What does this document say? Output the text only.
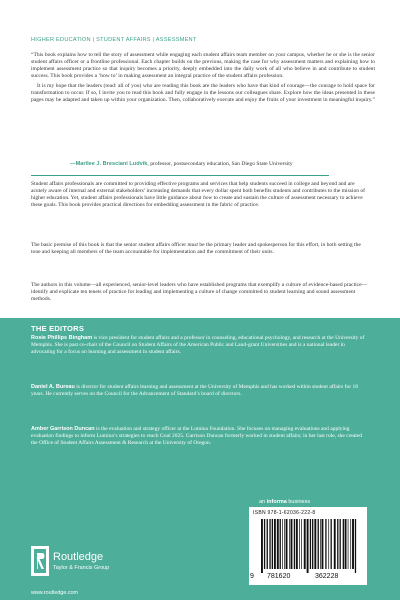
HIGHER EDUCATION | STUDENT AFFAIRS | ASSESSMENT

“This book explains how to tell the story of assessment while engaging each student affairs team member on your campus, whether he or she is the senior student affairs officer or a frontline professional. Each chapter builds on the previous, making the case for why assessment matters and explaining how to implement assessment practice so that inquiry becomes a priority, deeply embedded into the daily work of all who believe in and contribute to student success. This book provides a ‘how to’ in making assessment an integral practice of the student affairs profession.

It is my hope that the leaders (read: all of you) who are reading this book are the leaders who have that kind of courage—the courage to hold space for transformation to occur. If so, I invite you to read this book and fully engage in the lessons our colleagues share. Explore how the ideas presented in these pages may be adapted and taken up within your organization. Then, collaboratively execute and enjoy the fruits of your investment in meaningful inquiry.”

—Marilee J. Bresciani Ludvik, professor, postsecondary education, San Diego State University

Student affairs professionals are committed to providing effective programs and services that help students succeed in college and beyond and are acutely aware of internal and external stakeholders’ increasing demands that every dollar spent both benefits students and contributes to the mission of higher education. Yet, student affairs professionals have little guidance about how to create and sustain the culture of assessment necessary to achieve these goals. This book provides practical directions for embedding assessment in the fabric of practice.

The basic premise of this book is that the senior student affairs officer must be the primary leader and spokesperson for this effort, in both setting the tone and keeping all members of the team accountable for implementation and the commitment of their units.

The authors in this volume—all experienced, senior-level leaders who have established programs that exemplify a culture of evidence-based practice—identify and explicate ten tenets of practice for leading and implementing a culture of change committed to student learning and sound assessment methods.

THE EDITORS

Rosie Phillips Bingham is vice president for student affairs and a professor in counseling, educational psychology, and research at the University of Memphis. She is past co-chair of the Council on Student Affairs of the American Public and Land-grant Universities and is a national leader in advocating for a focus on learning and assessment in student affairs.

Daniel A. Bureau is director for student affairs learning and assessment at the University of Memphis and has worked within student affairs for 18 years. He currently serves on the Council for the Advancement of Standard’s board of directors.

Amber Garrison Duncan is the evaluation and strategy officer at the Lumina Foundation. She focuses on managing evaluations and applying evaluation findings to inform Lumina’s strategies to reach Goal 2025. Garrison Duncan formerly worked in student affairs; in her last role, she created the Office of Student Affairs Assessment & Research at the University of Oregon.

an informa business
ISBN 978-1-62036-222-8
9 781620	362228
Routledge
Taylor & Francis Group
www.routledge.com
